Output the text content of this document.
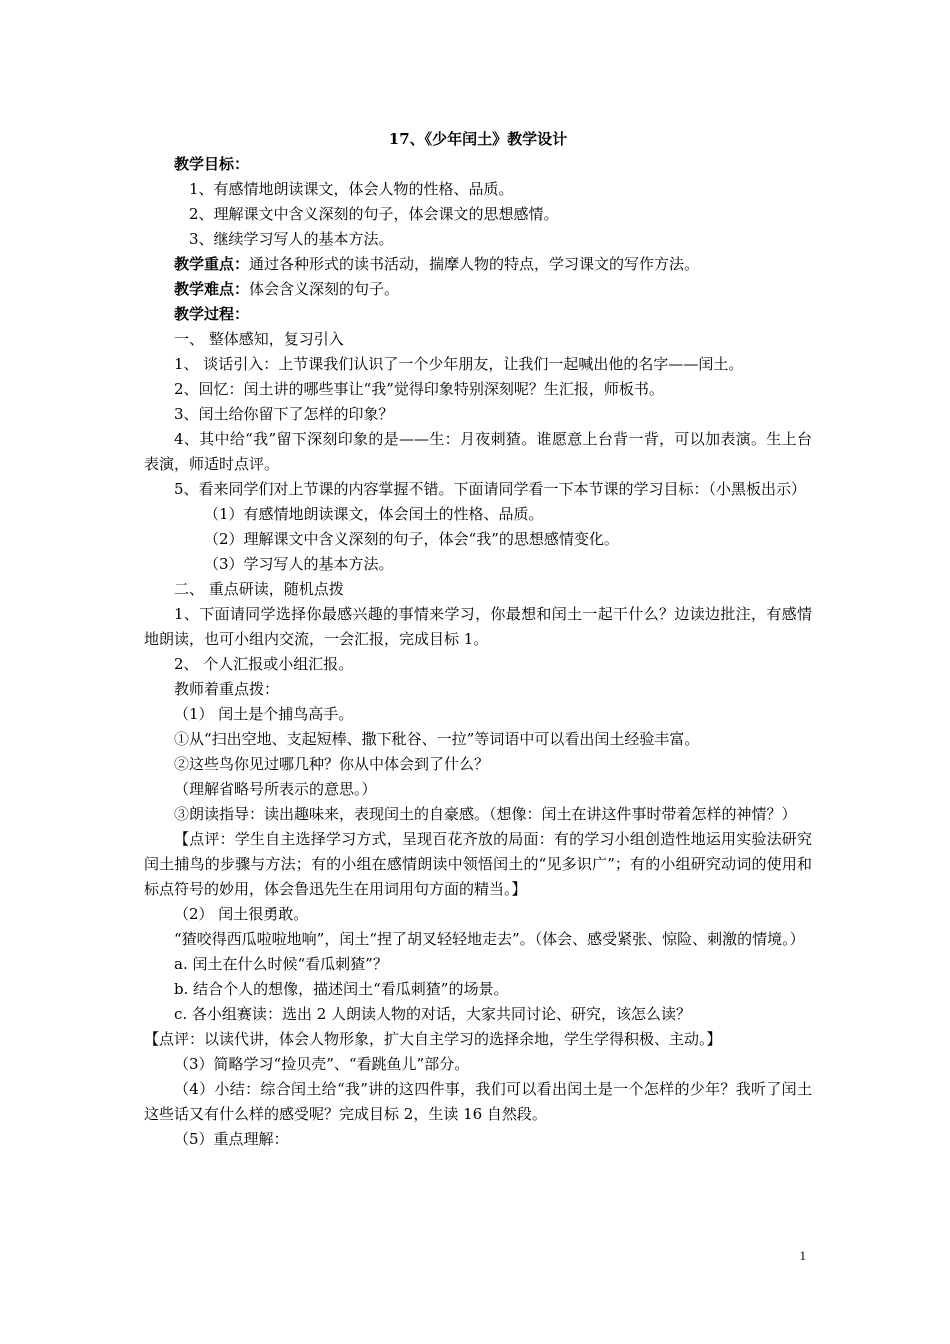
17、《少年闰土》教学设计

教学目标：

1、有感情地朗读课文，体会人物的性格、品质。

2、理解课文中含义深刻的句子，体会课文的思想感情。

3、继续学习写人的基本方法。

教学重点：通过各种形式的读书活动，揣摩人物的特点，学习课文的写作方法。

教学难点：体会含义深刻的句子。

教学过程：

一、 整体感知，复习引入

1、 谈话引入：上节课我们认识了一个少年朋友，让我们一起喊出他的名字——闰土。

2、回忆：闰土讲的哪些事让“我”觉得印象特别深刻呢？生汇报，师板书。

3、闰土给你留下了怎样的印象？

4、其中给“我”留下深刻印象的是——生：月夜刺猹。谁愿意上台背一背，可以加表演。生上台表演，师适时点评。

5、看来同学们对上节课的内容掌握不错。下面请同学看一下本节课的学习目标：（小黑板出示）

（1）有感情地朗读课文，体会闰土的性格、品质。

（2）理解课文中含义深刻的句子，体会“我”的思想感情变化。

（3）学习写人的基本方法。

二、 重点研读，随机点拨

1、下面请同学选择你最感兴趣的事情来学习，你最想和闰土一起干什么？边读边批注，有感情地朗读，也可小组内交流，一会汇报，完成目标 1。

2、 个人汇报或小组汇报。

教师着重点拨：

（1） 闰土是个捕鸟高手。

①从“扫出空地、支起短棒、撒下秕谷、一拉”等词语中可以看出闰土经验丰富。

②这些鸟你见过哪几种？你从中体会到了什么？

（理解省略号所表示的意思。）

③朗读指导：读出趣味来，表现闰土的自豪感。（想像：闰土在讲这件事时带着怎样的神情？）

【点评：学生自主选择学习方式，呈现百花齐放的局面：有的学习小组创造性地运用实验法研究闰土捕鸟的步骤与方法；有的小组在感情朗读中领悟闰土的“见多识广”；有的小组研究动词的使用和标点符号的妙用，体会鲁迅先生在用词用句方面的精当。】

（2） 闰土很勇敢。

“猹咬得西瓜啦啦地响”，闰土“捏了胡叉轻轻地走去”。（体会、感受紧张、惊险、刺激的情境。）

a. 闰土在什么时候“看瓜刺猹”？

b. 结合个人的想像，描述闰土“看瓜刺猹”的场景。

c. 各小组赛读：选出 2 人朗读人物的对话，大家共同讨论、研究，该怎么读？

【点评：以读代讲，体会人物形象，扩大自主学习的选择余地，学生学得积极、主动。】

（3）简略学习“捡贝壳”、“看跳鱼儿”部分。

（4）小结：综合闰土给“我”讲的这四件事，我们可以看出闰土是一个怎样的少年？我听了闰土这些话又有什么样的感受呢？完成目标 2，生读 16 自然段。

（5）重点理解：

1
